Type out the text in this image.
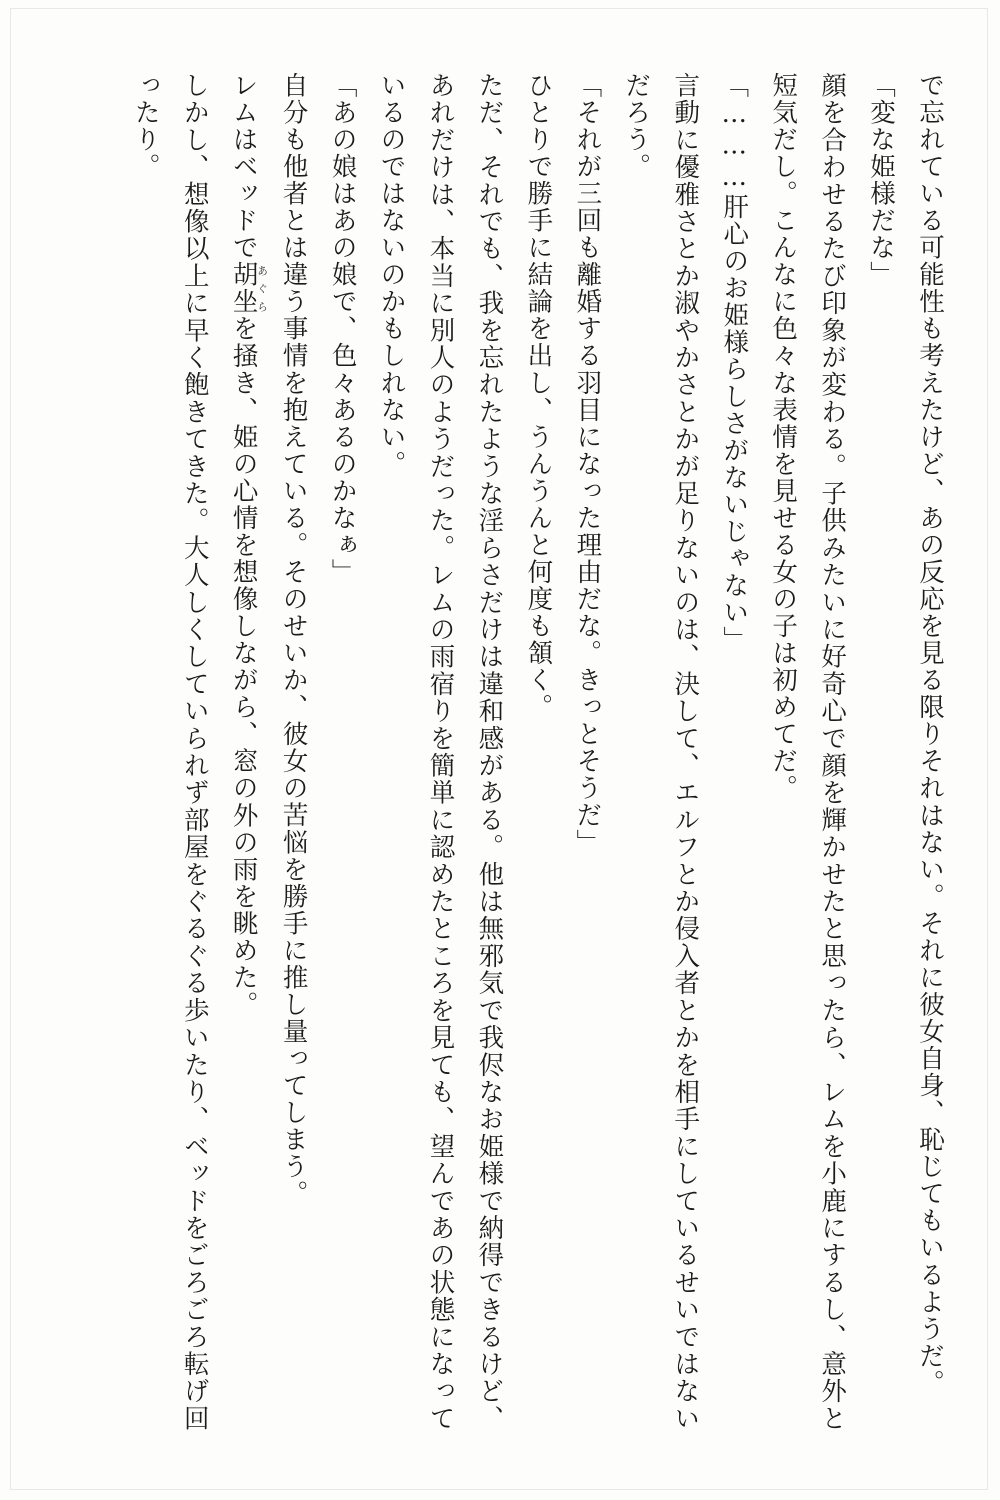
で忘れている可能性も考えたけど、あの反応を見る限りそれはない。それに彼女自身、恥じてもいるようだ。

「変な姫様だな」

顔を合わせるたび印象が変わる。子供みたいに好奇心で顔を輝かせたと思ったら、レムを小鹿にするし、意外と短気だし。こんなに色々な表情を見せる女の子は初めてだ。

「………肝心のお姫様らしさがないじゃない」

言動に優雅さとか淑やかさとかが足りないのは、決して、エルフとか侵入者とかを相手にしているせいではないだろう。

「それが三回も離婚する羽目になった理由だな。きっとそうだ」

ひとりで勝手に結論を出し、うんうんと何度も頷く。

ただ、それでも、我を忘れたような淫らさだけは違和感がある。他は無邪気で我侭なお姫様で納得できるけど、あれだけは、本当に別人のようだった。レムの雨宿りを簡単に認めたところを見ても、望んであの状態になっているのではないのかもしれない。

「あの娘はあの娘で、色々あるのかなぁ」

自分も他者とは違う事情を抱えている。そのせいか、彼女の苦悩を勝手に推し量ってしまう。

レムはベッドで胡坐あぐらを掻き、姫の心情を想像しながら、窓の外の雨を眺めた。

しかし、想像以上に早く飽きてきた。大人しくしていられず部屋をぐるぐる歩いたり、ベッドをごろごろ転げ回ったり。
